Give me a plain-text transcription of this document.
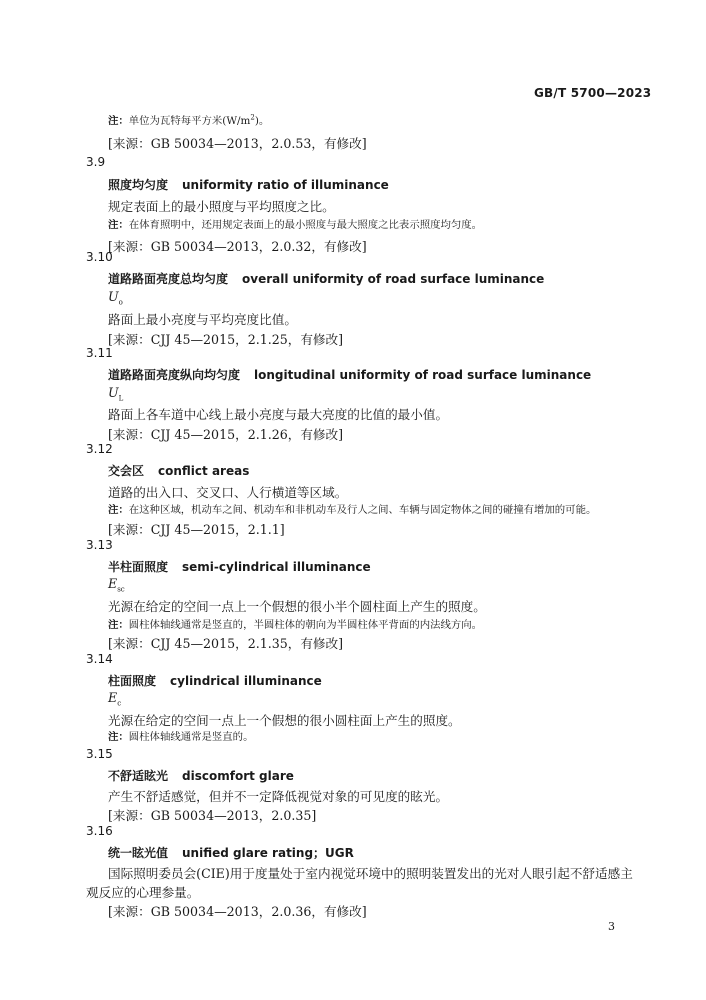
GB/T 5700—2023
注：单位为瓦特每平方米$(W/m^2)$。
[来源：GB 50034—2013，2.0.53，有修改]
3.9
照度均匀度 uniformity ratio of illuminance
规定表面上的最小照度与平均照度之比。
注：在体育照明中，还用规定表面上的最小照度与最大照度之比表示照度均匀度。
[来源：GB 50034—2013，2.0.32，有修改]
3.10
道路路面亮度总均匀度 overall uniformity of road surface luminance
$U_o$
路面上最小亮度与平均亮度比值。
[来源：CJJ 45—2015，2.1.25，有修改]
3.11
道路路面亮度纵向均匀度 longitudinal uniformity of road surface luminance
$U_L$
路面上各车道中心线上最小亮度与最大亮度的比值的最小值。
[来源：CJJ 45—2015，2.1.26，有修改]
3.12
交会区 conflict areas
道路的出入口、交叉口、人行横道等区域。
注：在这种区域，机动车之间、机动车和非机动车及行人之间、车辆与固定物体之间的碰撞有增加的可能。
[来源：CJJ 45—2015，2.1.1]
3.13
半柱面照度 semi-cylindrical illuminance
$E_{sc}$
光源在给定的空间一点上一个假想的很小半个圆柱面上产生的照度。
注：圆柱体轴线通常是竖直的，半圆柱体的朝向为半圆柱体平背面的内法线方向。
[来源：CJJ 45—2015，2.1.35，有修改]
3.14
柱面照度 cylindrical illuminance
$E_c$
光源在给定的空间一点上一个假想的很小圆柱面上产生的照度。
注：圆柱体轴线通常是竖直的。
3.15
不舒适眩光 discomfort glare
产生不舒适感觉，但并不一定降低视觉对象的可见度的眩光。
[来源：GB 50034—2013，2.0.35]
3.16
统一眩光值 unified glare rating；UGR
国际照明委员会(CIE)用于度量处于室内视觉环境中的照明装置发出的光对人眼引起不舒适感主
观反应的心理参量。
[来源：GB 50034—2013，2.0.36，有修改]
3
